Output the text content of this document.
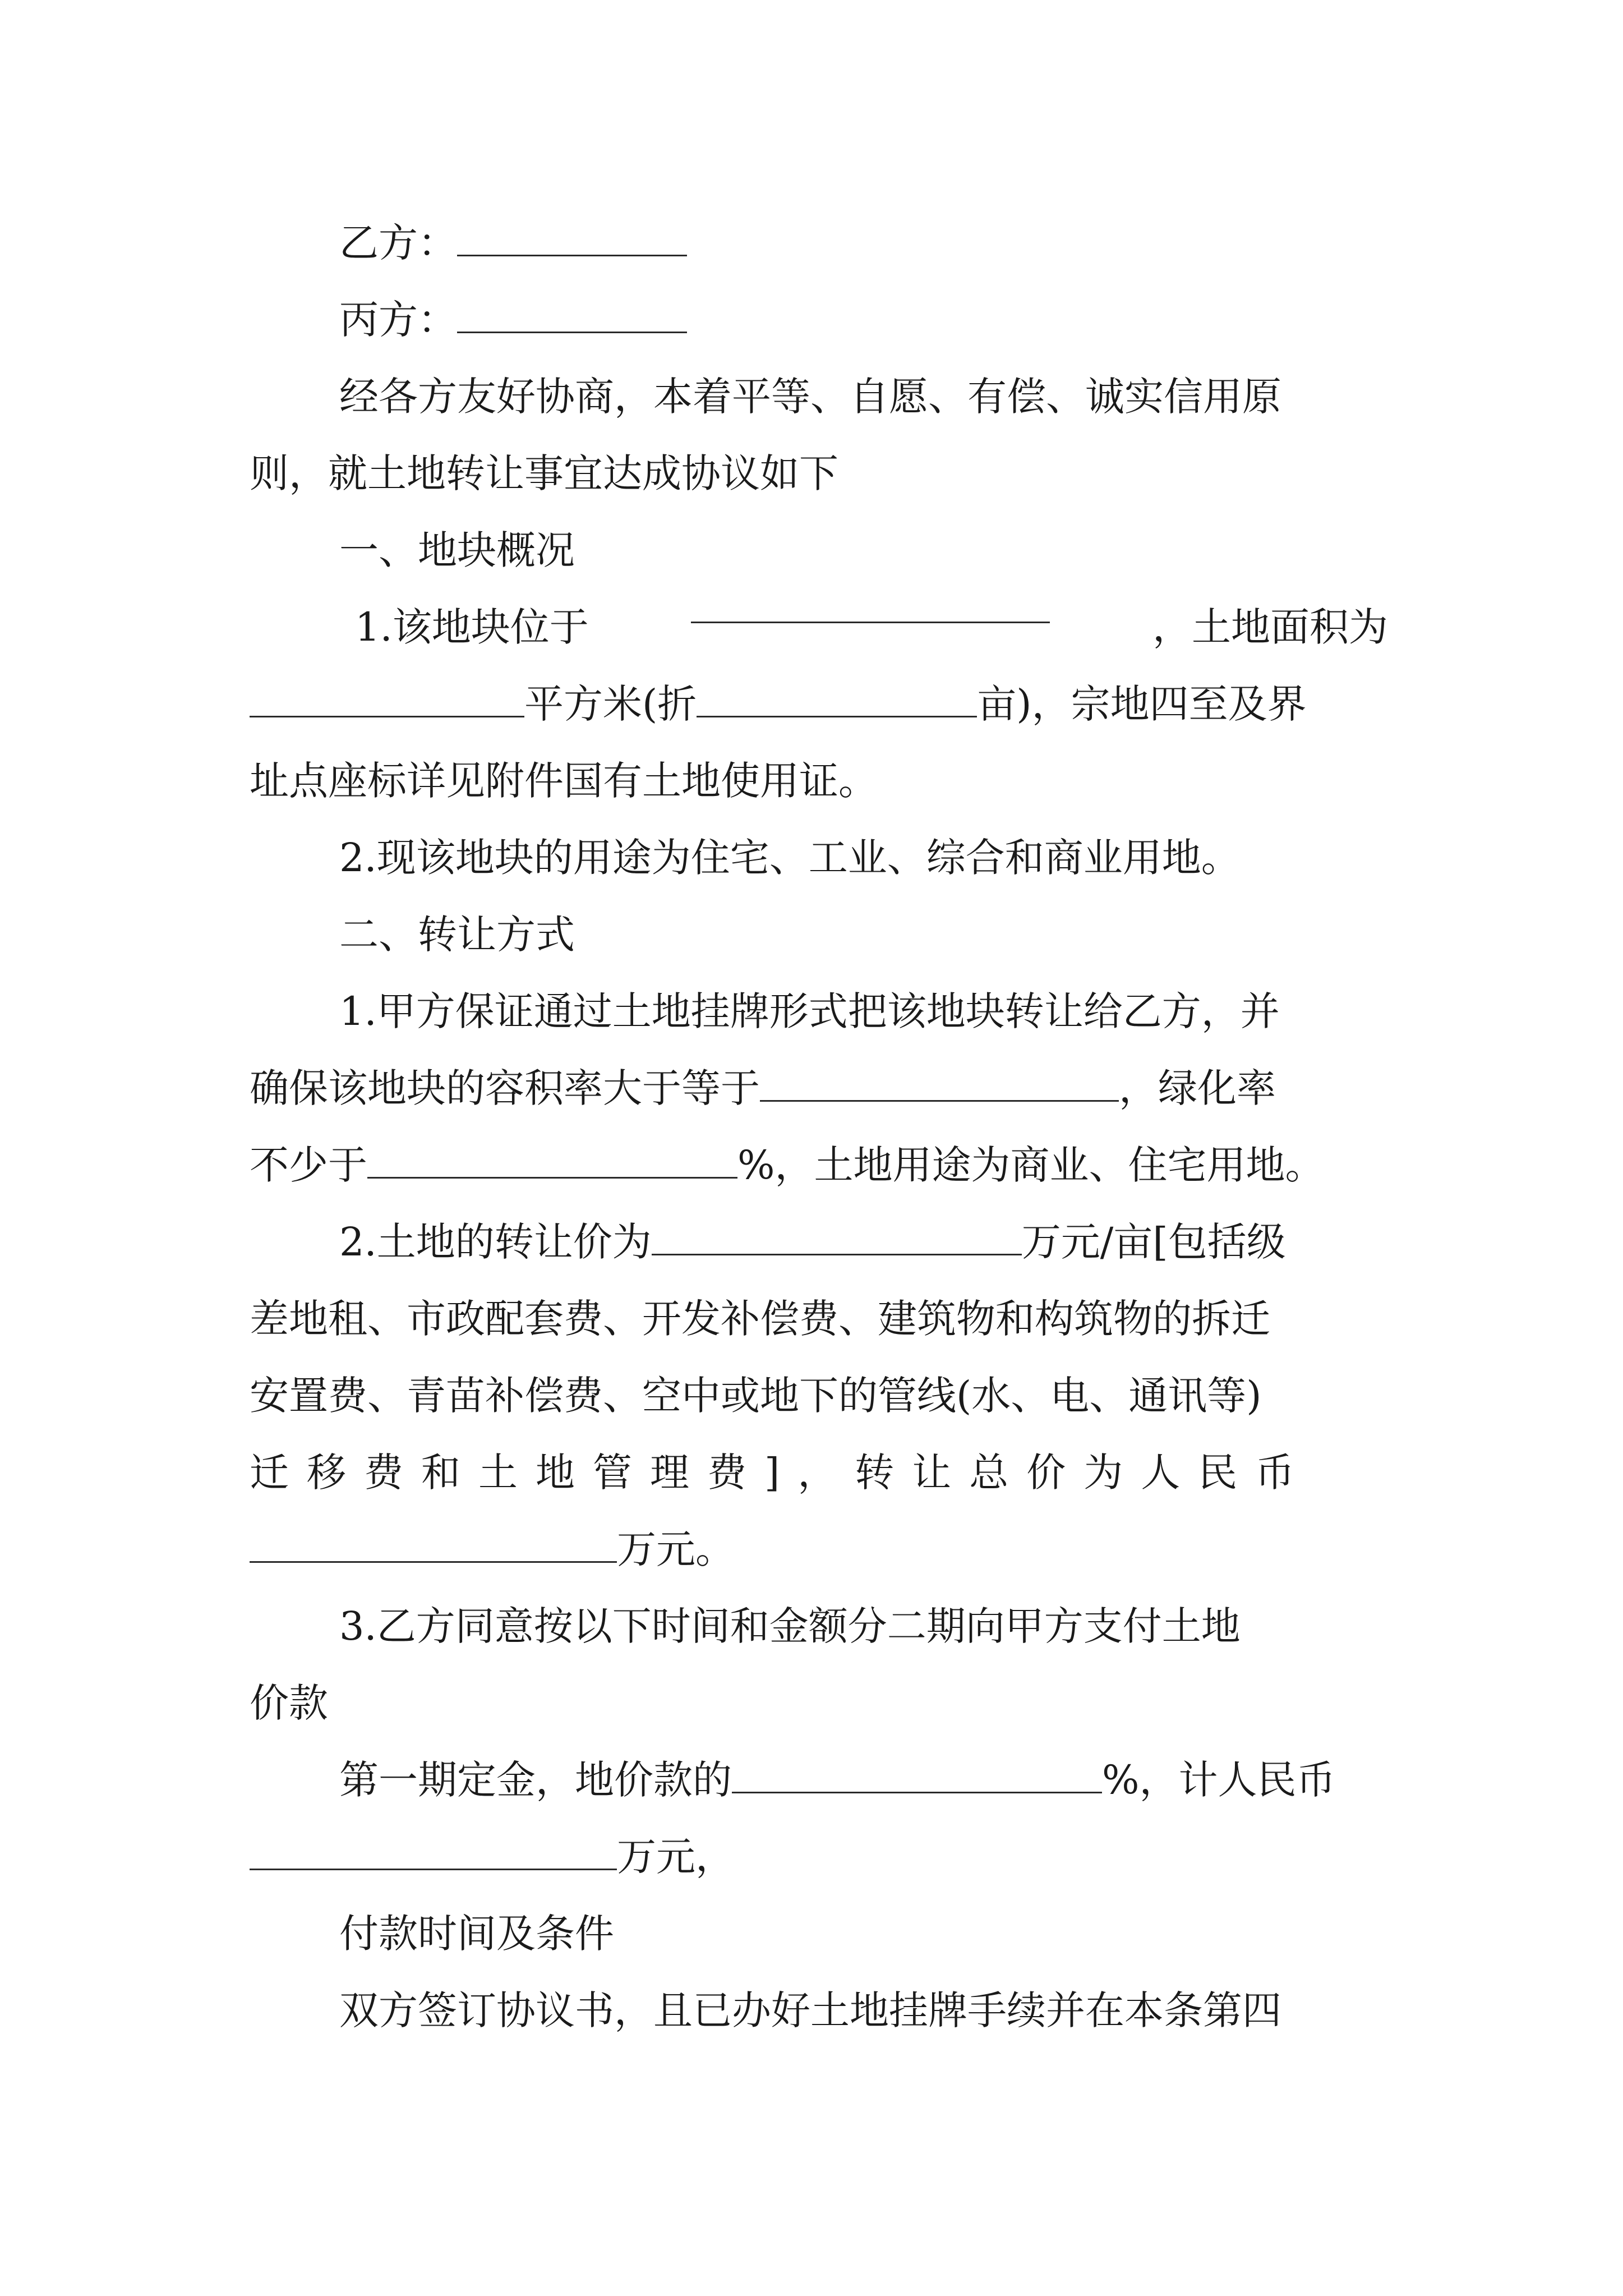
乙方：

丙方：

经各方友好协商，本着平等、自愿、有偿、诚实信用原

则，就土地转让事宜达成协议如下

一、地块概况

1.该地块位于	，土地面积为

平方米(折	亩)，宗地四至及界

址点座标详见附件国有土地使用证。

2.现该地块的用途为住宅、工业、综合和商业用地。

二、转让方式

1.甲方保证通过土地挂牌形式把该地块转让给乙方，并

确保该地块的容积率大于等于	，绿化率

不少于	%，土地用途为商业、住宅用地。

2.土地的转让价为	万元/亩[包括级

差地租、市政配套费、开发补偿费、建筑物和构筑物的拆迁

安置费、青苗补偿费、空中或地下的管线(水、电、通讯等)

迁移费和土地管理费]，转让总价为人民币

万元。

3.乙方同意按以下时间和金额分二期向甲方支付土地

价款

第一期定金，地价款的	%，计人民币

万元，

付款时间及条件

双方签订协议书，且已办好土地挂牌手续并在本条第四
